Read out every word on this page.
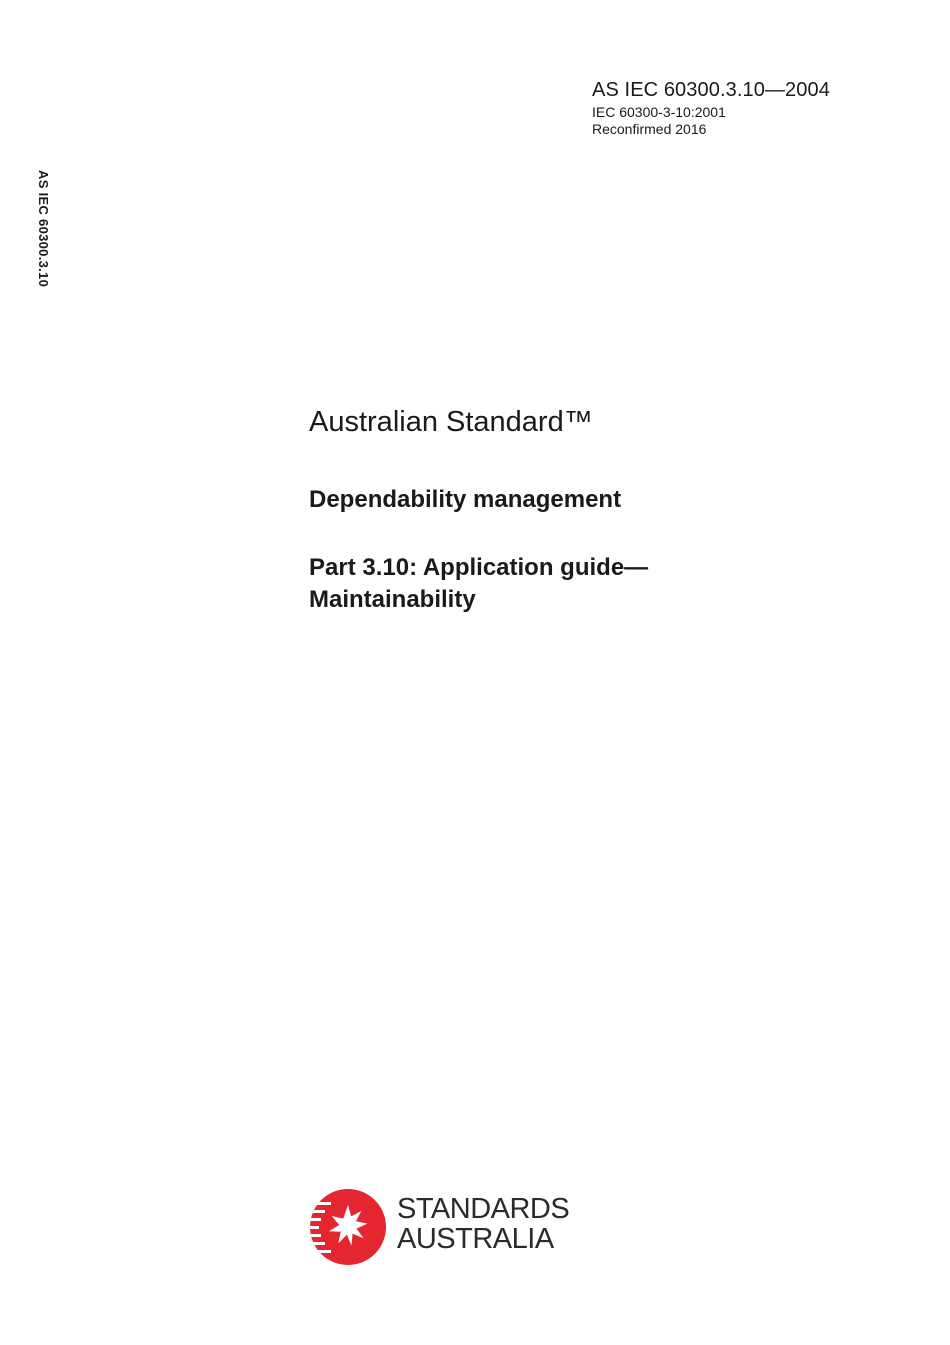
AS IEC 60300.3.10—2004
IEC 60300-3-10:2001
Reconfirmed 2016
AS IEC 60300.3.10
Australian Standard™
Dependability management
Part 3.10: Application guide—
Maintainability
STANDARDS
AUSTRALIA
